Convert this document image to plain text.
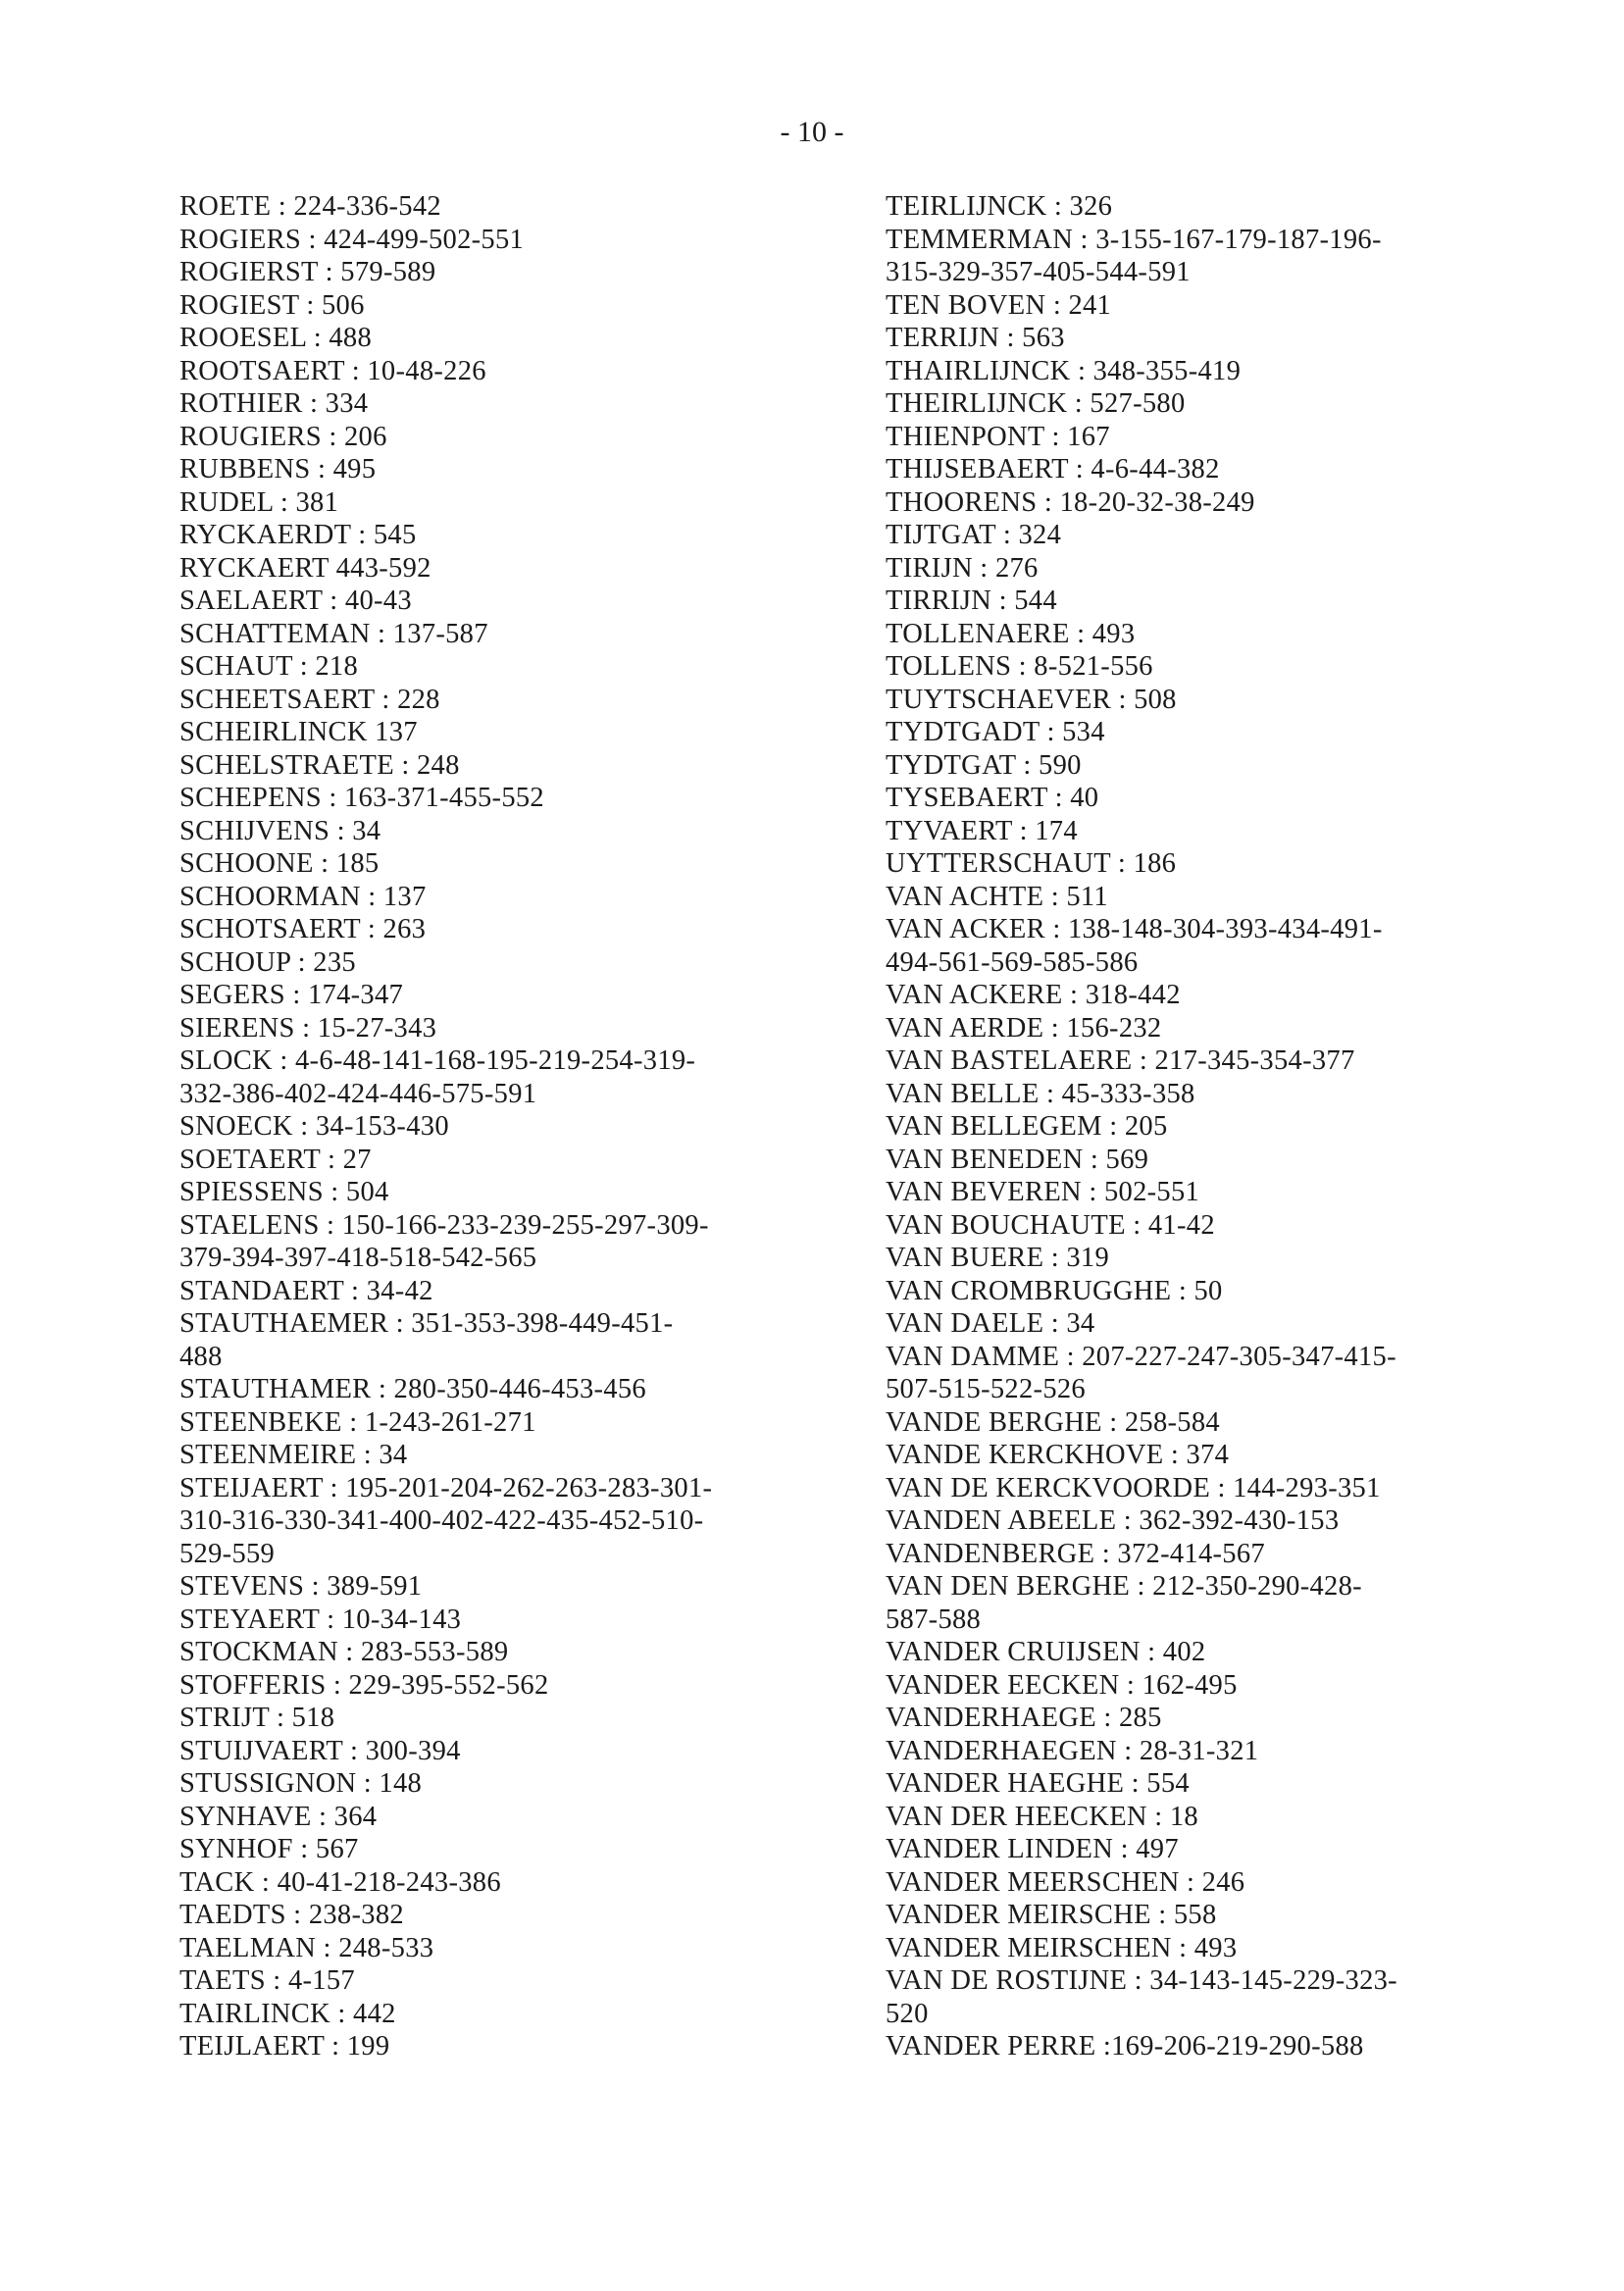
- 10 -
ROETE : 224-336-542
ROGIERS : 424-499-502-551
ROGIERST : 579-589
ROGIEST : 506
ROOESEL : 488
ROOTSAERT : 10-48-226
ROTHIER : 334
ROUGIERS : 206
RUBBENS : 495
RUDEL : 381
RYCKAERDT : 545
RYCKAERT 443-592
SAELAERT : 40-43
SCHATTEMAN : 137-587
SCHAUT : 218
SCHEETSAERT : 228
SCHEIRLINCK 137
SCHELSTRAETE : 248
SCHEPENS : 163-371-455-552
SCHIJVENS : 34
SCHOONE : 185
SCHOORMAN : 137
SCHOTSAERT : 263
SCHOUP : 235
SEGERS : 174-347
SIERENS : 15-27-343
SLOCK : 4-6-48-141-168-195-219-254-319-
332-386-402-424-446-575-591
SNOECK : 34-153-430
SOETAERT : 27
SPIESSENS : 504
STAELENS : 150-166-233-239-255-297-309-
379-394-397-418-518-542-565
STANDAERT : 34-42
STAUTHAEMER : 351-353-398-449-451-
488
STAUTHAMER : 280-350-446-453-456
STEENBEKE : 1-243-261-271
STEENMEIRE : 34
STEIJAERT : 195-201-204-262-263-283-301-
310-316-330-341-400-402-422-435-452-510-
529-559
STEVENS : 389-591
STEYAERT : 10-34-143
STOCKMAN : 283-553-589
STOFFERIS : 229-395-552-562
STRIJT : 518
STUIJVAERT : 300-394
STUSSIGNON : 148
SYNHAVE : 364
SYNHOF : 567
TACK : 40-41-218-243-386
TAEDTS : 238-382
TAELMAN : 248-533
TAETS : 4-157
TAIRLINCK : 442
TEIJLAERT : 199
TEIRLIJNCK : 326
TEMMERMAN : 3-155-167-179-187-196-
315-329-357-405-544-591
TEN BOVEN : 241
TERRIJN : 563
THAIRLIJNCK : 348-355-419
THEIRLIJNCK : 527-580
THIENPONT : 167
THIJSEBAERT : 4-6-44-382
THOORENS : 18-20-32-38-249
TIJTGAT : 324
TIRIJN : 276
TIRRIJN : 544
TOLLENAERE : 493
TOLLENS : 8-521-556
TUYTSCHAEVER : 508
TYDTGADT : 534
TYDTGAT : 590
TYSEBAERT : 40
TYVAERT : 174
UYTTERSCHAUT : 186
VAN ACHTE : 511
VAN ACKER : 138-148-304-393-434-491-
494-561-569-585-586
VAN ACKERE : 318-442
VAN AERDE : 156-232
VAN BASTELAERE : 217-345-354-377
VAN BELLE : 45-333-358
VAN BELLEGEM : 205
VAN BENEDEN : 569
VAN BEVEREN : 502-551
VAN BOUCHAUTE : 41-42
VAN BUERE : 319
VAN CROMBRUGGHE : 50
VAN DAELE : 34
VAN DAMME : 207-227-247-305-347-415-
507-515-522-526
VANDE BERGHE : 258-584
VANDE KERCKHOVE : 374
VAN DE KERCKVOORDE : 144-293-351
VANDEN ABEELE : 362-392-430-153
VANDENBERGE : 372-414-567
VAN DEN BERGHE : 212-350-290-428-
587-588
VANDER CRUIJSEN : 402
VANDER EECKEN : 162-495
VANDERHAEGE : 285
VANDERHAEGEN : 28-31-321
VANDER HAEGHE : 554
VAN DER HEECKEN : 18
VANDER LINDEN : 497
VANDER MEERSCHEN : 246
VANDER MEIRSCHE : 558
VANDER MEIRSCHEN : 493
VAN DE ROSTIJNE : 34-143-145-229-323-
520
VANDER PERRE :169-206-219-290-588
